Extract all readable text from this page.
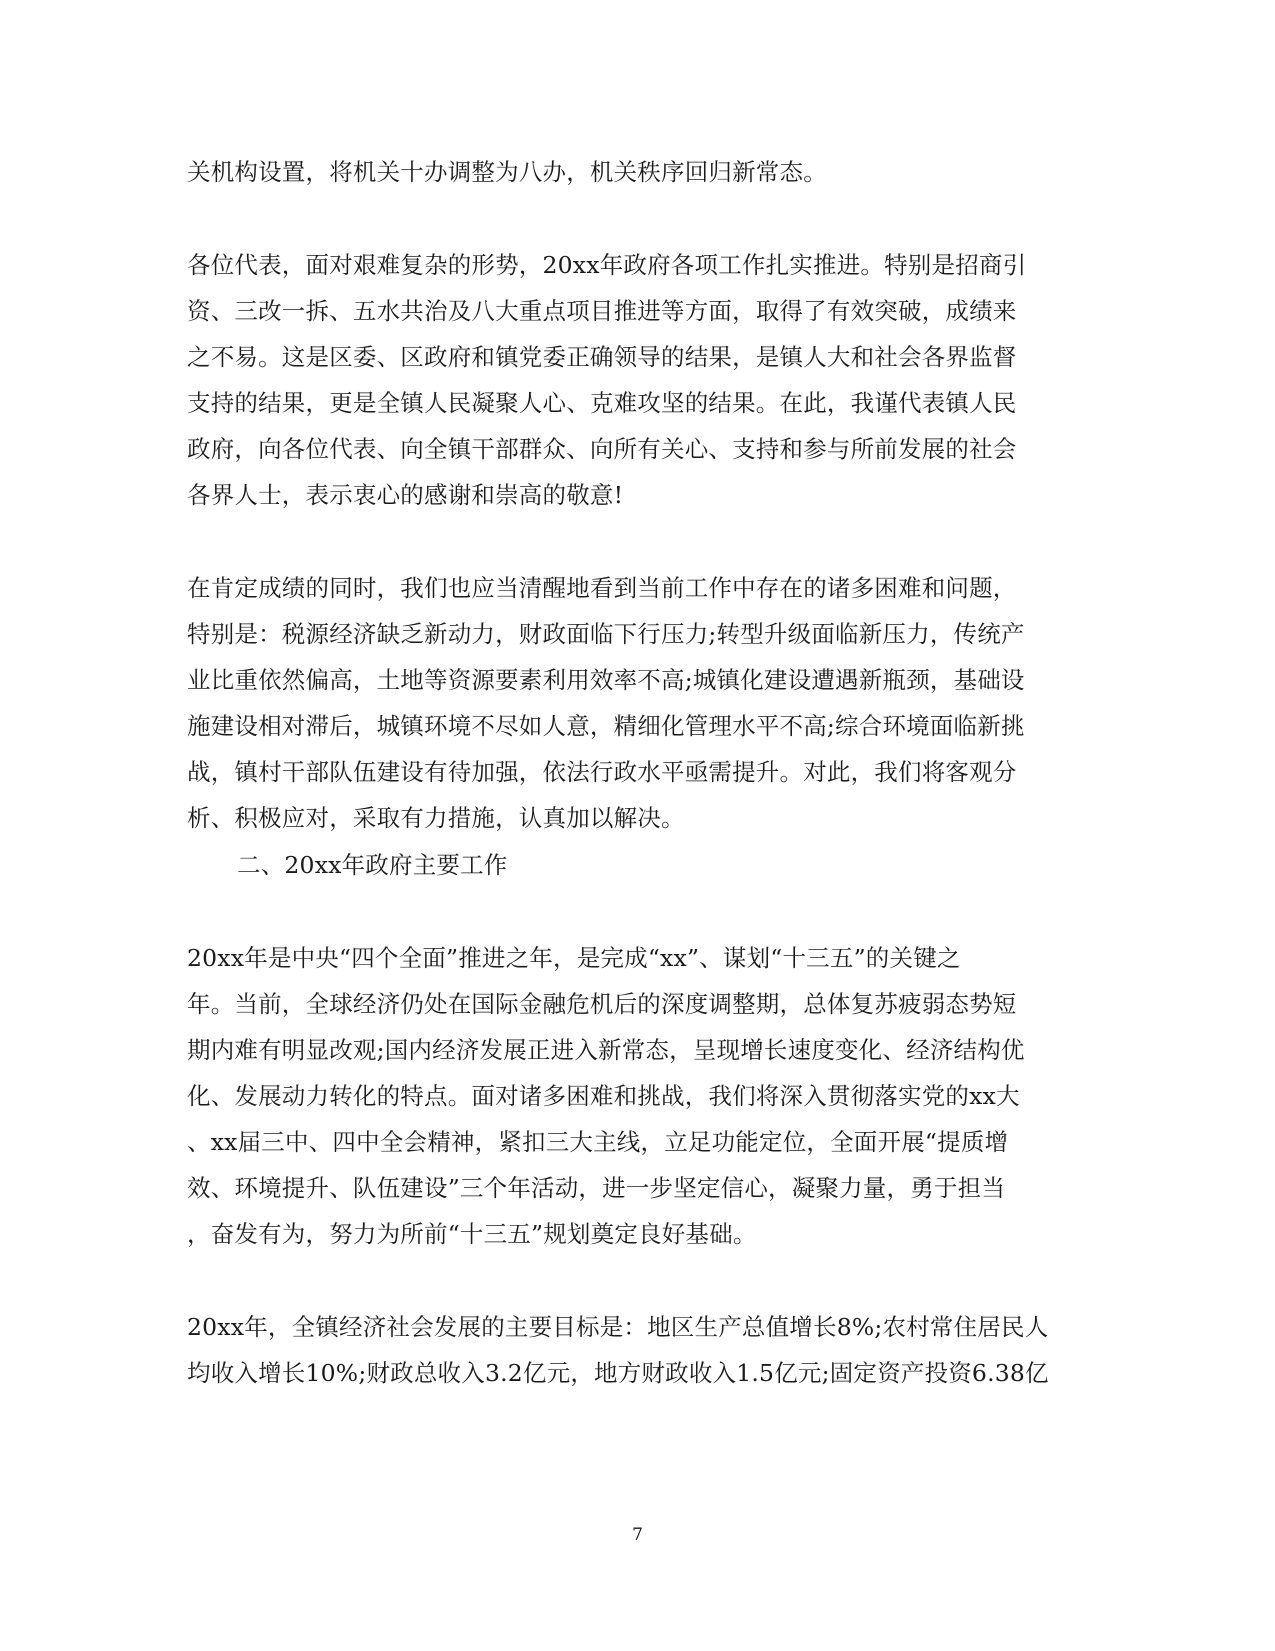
关机构设置，将机关十办调整为八办，机关秩序回归新常态。
各位代表，面对艰难复杂的形势，20xx年政府各项工作扎实推进。特别是招商引
资、三改一拆、五水共治及八大重点项目推进等方面，取得了有效突破，成绩来
之不易。这是区委、区政府和镇党委正确领导的结果，是镇人大和社会各界监督
支持的结果，更是全镇人民凝聚人心、克难攻坚的结果。在此，我谨代表镇人民
政府，向各位代表、向全镇干部群众、向所有关心、支持和参与所前发展的社会
各界人士，表示衷心的感谢和崇高的敬意!
在肯定成绩的同时，我们也应当清醒地看到当前工作中存在的诸多困难和问题，
特别是：税源经济缺乏新动力，财政面临下行压力;转型升级面临新压力，传统产
业比重依然偏高，土地等资源要素利用效率不高;城镇化建设遭遇新瓶颈，基础设
施建设相对滞后，城镇环境不尽如人意，精细化管理水平不高;综合环境面临新挑
战，镇村干部队伍建设有待加强，依法行政水平亟需提升。对此，我们将客观分
析、积极应对，采取有力措施，认真加以解决。
二、20xx年政府主要工作
20xx年是中央“四个全面”推进之年，是完成“xx”、谋划“十三五”的关键之
年。当前，全球经济仍处在国际金融危机后的深度调整期，总体复苏疲弱态势短
期内难有明显改观;国内经济发展正进入新常态，呈现增长速度变化、经济结构优
化、发展动力转化的特点。面对诸多困难和挑战，我们将深入贯彻落实党的xx大
、xx届三中、四中全会精神，紧扣三大主线，立足功能定位，全面开展“提质增
效、环境提升、队伍建设”三个年活动，进一步坚定信心，凝聚力量，勇于担当
，奋发有为，努力为所前“十三五”规划奠定良好基础。
20xx年，全镇经济社会发展的主要目标是：地区生产总值增长8%;农村常住居民人
均收入增长10%;财政总收入3.2亿元，地方财政收入1.5亿元;固定资产投资6.38亿
7
